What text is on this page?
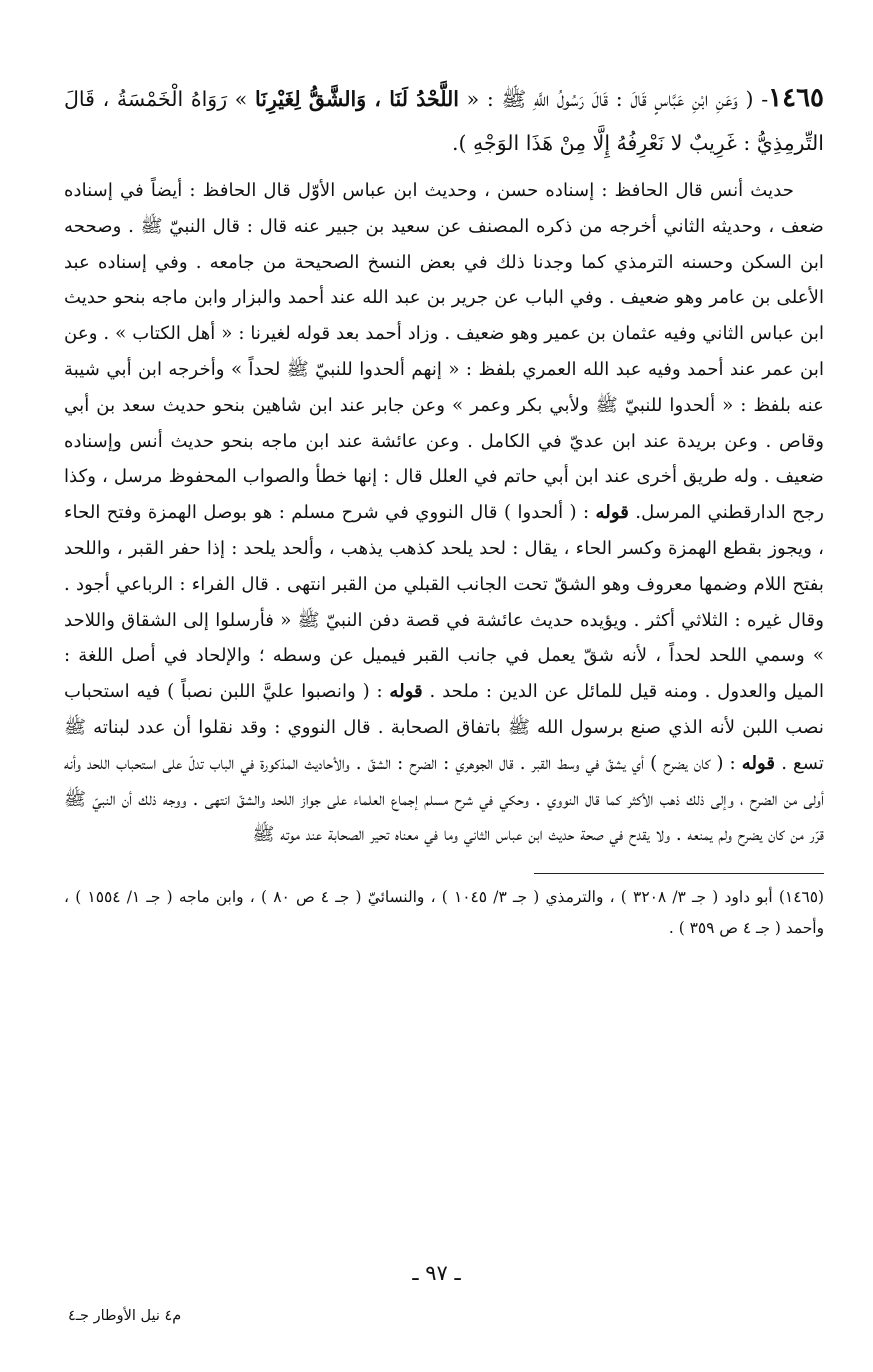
١٤٦٥- ( وَعَنِ ابْنِ عَبَّاسٍ قَالَ : قَالَ رَسُولُ اللَّهِ ﷺ : « اللَّحْدُ لَنَا ، وَالشَّقُّ لِغَيْرِنَا » رَوَاهُ الْخَمْسَةُ ، قَالَ التِّرمِذِيُّ : غَرِيبٌ لا نَعْرِفُهُ إِلَّا مِنْ هَذَا الوَجْهِ ).

حديث أنس قال الحافظ : إسناده حسن ، وحديث ابن عباس الأوّل قال الحافظ : أيضاً في إسناده ضعف ، وحديثه الثاني أخرجه من ذكره المصنف عن سعيد بن جبير عنه قال : قال النبيّ ﷺ . وصححه ابن السكن وحسنه الترمذي كما وجدنا ذلك في بعض النسخ الصحيحة من جامعه . وفي إسناده عبد الأعلى بن عامر وهو ضعيف . وفي الباب عن جرير بن عبد الله عند أحمد والبزار وابن ماجه بنحو حديث ابن عباس الثاني وفيه عثمان بن عمير وهو ضعيف . وزاد أحمد بعد قوله لغيرنا : « أهل الكتاب » . وعن ابن عمر عند أحمد وفيه عبد الله العمري بلفظ : « إنهم ألحدوا للنبيّ ﷺ لحداً » وأخرجه ابن أبي شيبة عنه بلفظ : « ألحدوا للنبيّ ﷺ ولأبي بكر وعمر » وعن جابر عند ابن شاهين بنحو حديث سعد بن أبي وقاص . وعن بريدة عند ابن عديّ في الكامل . وعن عائشة عند ابن ماجه بنحو حديث أنس وإسناده ضعيف . وله طريق أخرى عند ابن أبي حاتم في العلل قال : إنها خطأ والصواب المحفوظ مرسل ، وكذا رجح الدارقطني المرسل. قوله : ( ألحدوا ) قال النووي في شرح مسلم : هو بوصل الهمزة وفتح الحاء ، ويجوز بقطع الهمزة وكسر الحاء ، يقال : لحد يلحد كذهب يذهب ، وألحد يلحد : إذا حفر القبر ، واللحد بفتح اللام وضمها معروف وهو الشقّ تحت الجانب القبلي من القبر انتهى . قال الفراء : الرباعي أجود . وقال غيره : الثلاثي أكثر . ويؤيده حديث عائشة في قصة دفن النبيّ ﷺ « فأرسلوا إلى الشقاق واللاحد » وسمي اللحد لحداً ، لأنه شقّ يعمل في جانب القبر فيميل عن وسطه ؛ والإلحاد في أصل اللغة : الميل والعدول . ومنه قيل للمائل عن الدين : ملحد . قوله : ( وانصبوا عليَّ اللبن نصباً ) فيه استحباب نصب اللبن لأنه الذي صنع برسول الله ﷺ باتفاق الصحابة . قال النووي : وقد نقلوا أن عدد لبناته ﷺ تسع . قوله : ( كان يضرح ) أي يشقّ في وسط القبر . قال الجوهري : الضرح : الشقّ . والأحاديث المذكورة في الباب تدلّ على استحباب اللحد وأنه أولى من الضرح ، وإلى ذلك ذهب الأكثر كما قال النووي . وحكي في شرح مسلم إجماع العلماء على جواز اللحد والشقّ انتهى . ووجه ذلك أن النبيّ ﷺ قرّر من كان يضرح ولم يمنعه . ولا يقدح في صحة حديث ابن عباس الثاني وما في معناه تحير الصحابة عند موته ﷺ

(١٤٦٥) أبو داود ( جـ ٣/ ٣٢٠٨ ) ، والترمذي ( جـ ٣/ ١٠٤٥ ) ، والنسائيّ ( جـ ٤ ص ٨٠ ) ، وابن ماجه ( جـ ١/ ١٥٥٤ ) ، وأحمد ( جـ ٤ ص ٣٥٩ ) .

ـ ٩٧ ـ
م٤ نيل الأوطار جـ٤
